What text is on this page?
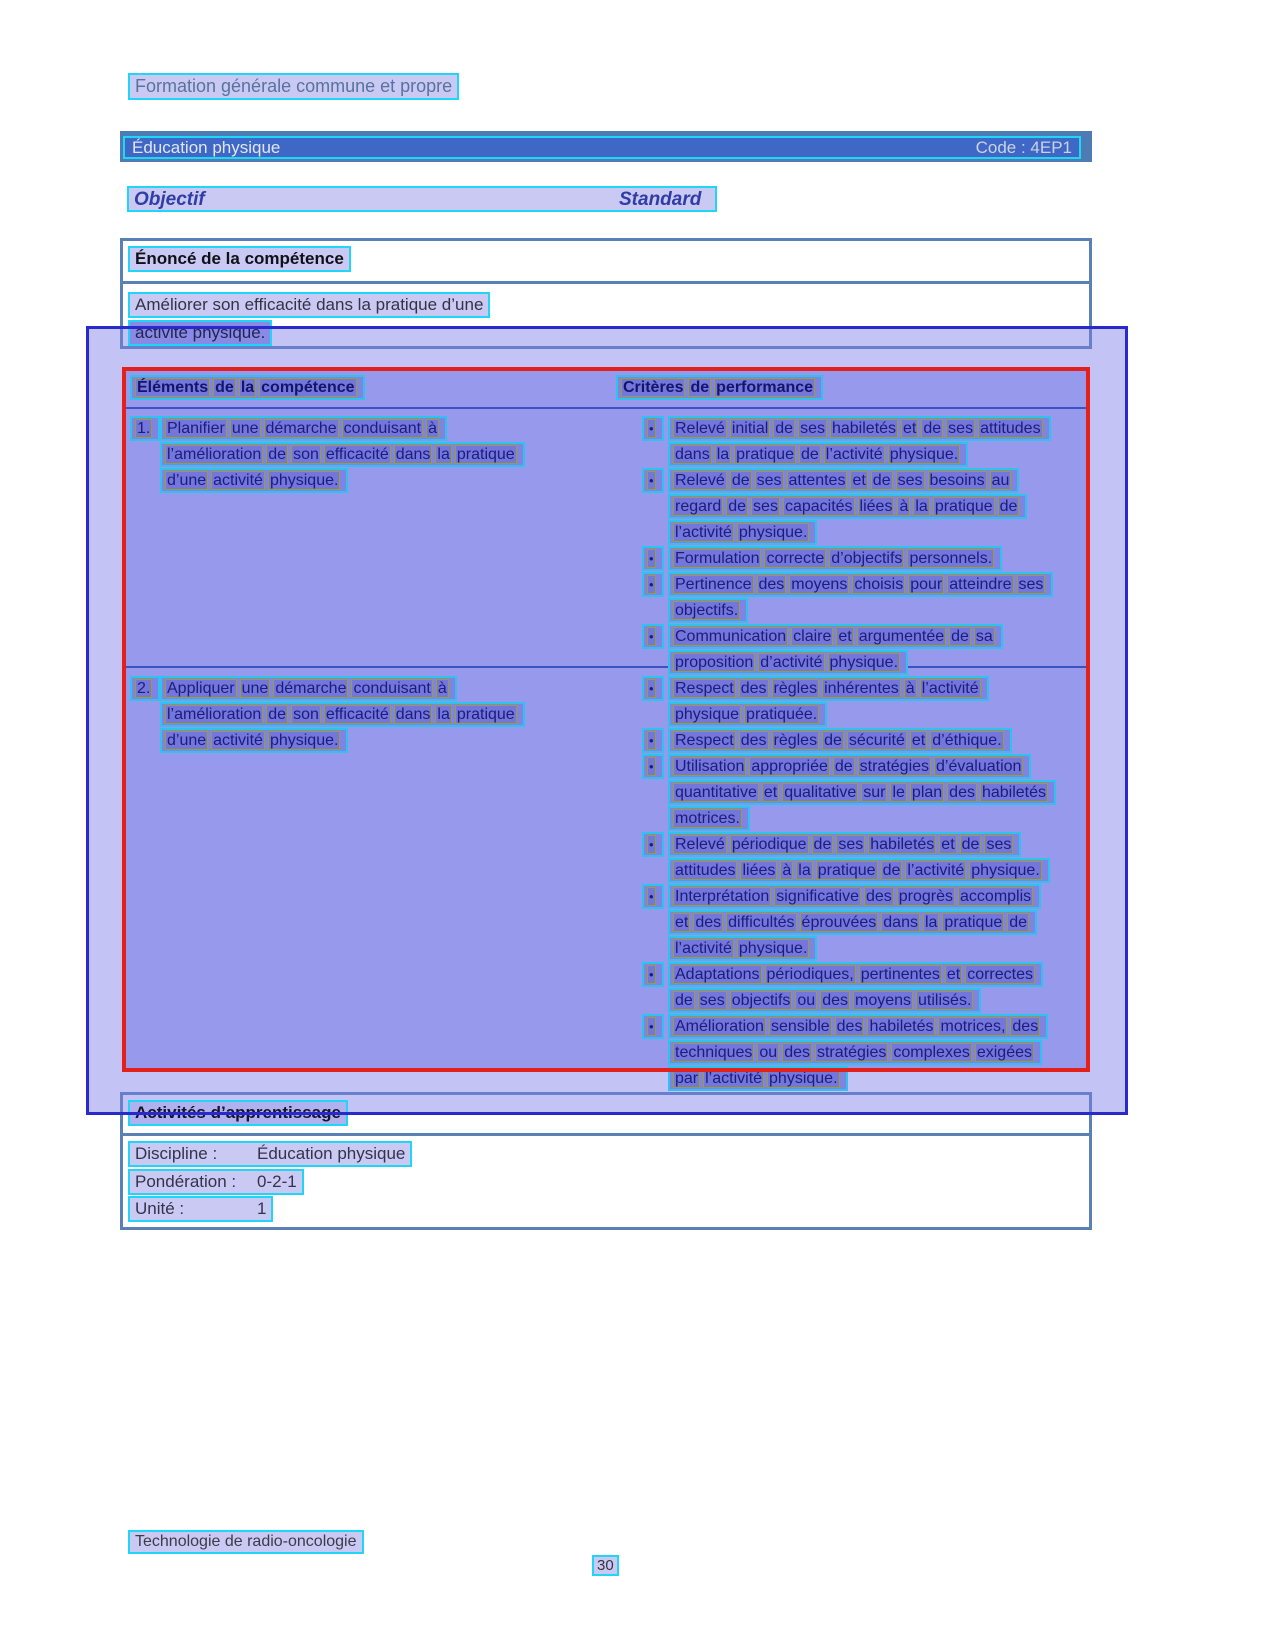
Formation générale commune et propre
Éducation physique	Code : 4EP1
Objectif	Standard
Énoncé de la compétence
Améliorer son efficacité dans la pratique d’une
activité physique.
Éléments de la compétence	Critères de performance
1. Planifier une démarche conduisant à
l’amélioration de son efficacité dans la pratique
d’une activité physique.
• Relevé initial de ses habiletés et de ses attitudes
dans la pratique de l’activité physique.
• Relevé de ses attentes et de ses besoins au
regard de ses capacités liées à la pratique de
l’activité physique.
• Formulation correcte d’objectifs personnels.
• Pertinence des moyens choisis pour atteindre ses
objectifs.
• Communication claire et argumentée de sa
proposition d’activité physique.
2. Appliquer une démarche conduisant à
l’amélioration de son efficacité dans la pratique
d’une activité physique.
• Respect des règles inhérentes à l’activité
physique pratiquée.
• Respect des règles de sécurité et d’éthique.
• Utilisation appropriée de stratégies d’évaluation
quantitative et qualitative sur le plan des habiletés
motrices.
• Relevé périodique de ses habiletés et de ses
attitudes liées à la pratique de l’activité physique.
• Interprétation significative des progrès accomplis
et des difficultés éprouvées dans la pratique de
l’activité physique.
• Adaptations périodiques, pertinentes et correctes
de ses objectifs ou des moyens utilisés.
• Amélioration sensible des habiletés motrices, des
techniques ou des stratégies complexes exigées
par l’activité physique.
Activités d’apprentissage
Discipline : Éducation physique
Pondération : 0-2-1
Unité :	1
Technologie de radio-oncologie
30
